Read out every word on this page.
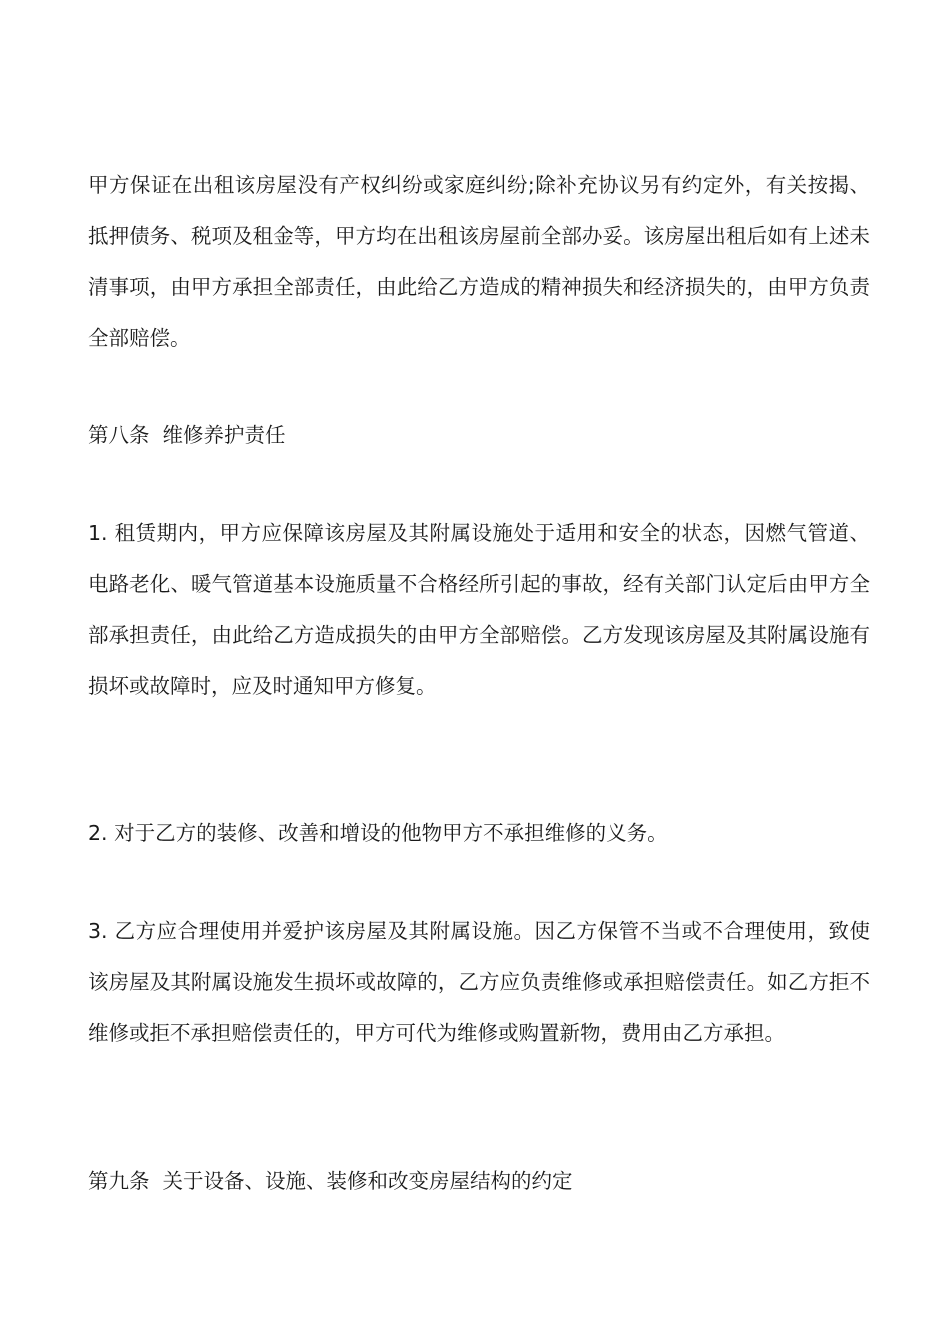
甲方保证在出租该房屋没有产权纠纷或家庭纠纷;除补充协议另有约定外，有关按揭、抵押债务、税项及租金等，甲方均在出租该房屋前全部办妥。该房屋出租后如有上述未清事项，由甲方承担全部责任，由此给乙方造成的精神损失和经济损失的，由甲方负责全部赔偿。

第八条  维修养护责任

1. 租赁期内，甲方应保障该房屋及其附属设施处于适用和安全的状态，因燃气管道、电路老化、暖气管道基本设施质量不合格经所引起的事故，经有关部门认定后由甲方全部承担责任，由此给乙方造成损失的由甲方全部赔偿。乙方发现该房屋及其附属设施有损坏或故障时，应及时通知甲方修复。

2. 对于乙方的装修、改善和增设的他物甲方不承担维修的义务。

3. 乙方应合理使用并爱护该房屋及其附属设施。因乙方保管不当或不合理使用，致使该房屋及其附属设施发生损坏或故障的，乙方应负责维修或承担赔偿责任。如乙方拒不维修或拒不承担赔偿责任的，甲方可代为维修或购置新物，费用由乙方承担。

第九条  关于设备、设施、装修和改变房屋结构的约定
